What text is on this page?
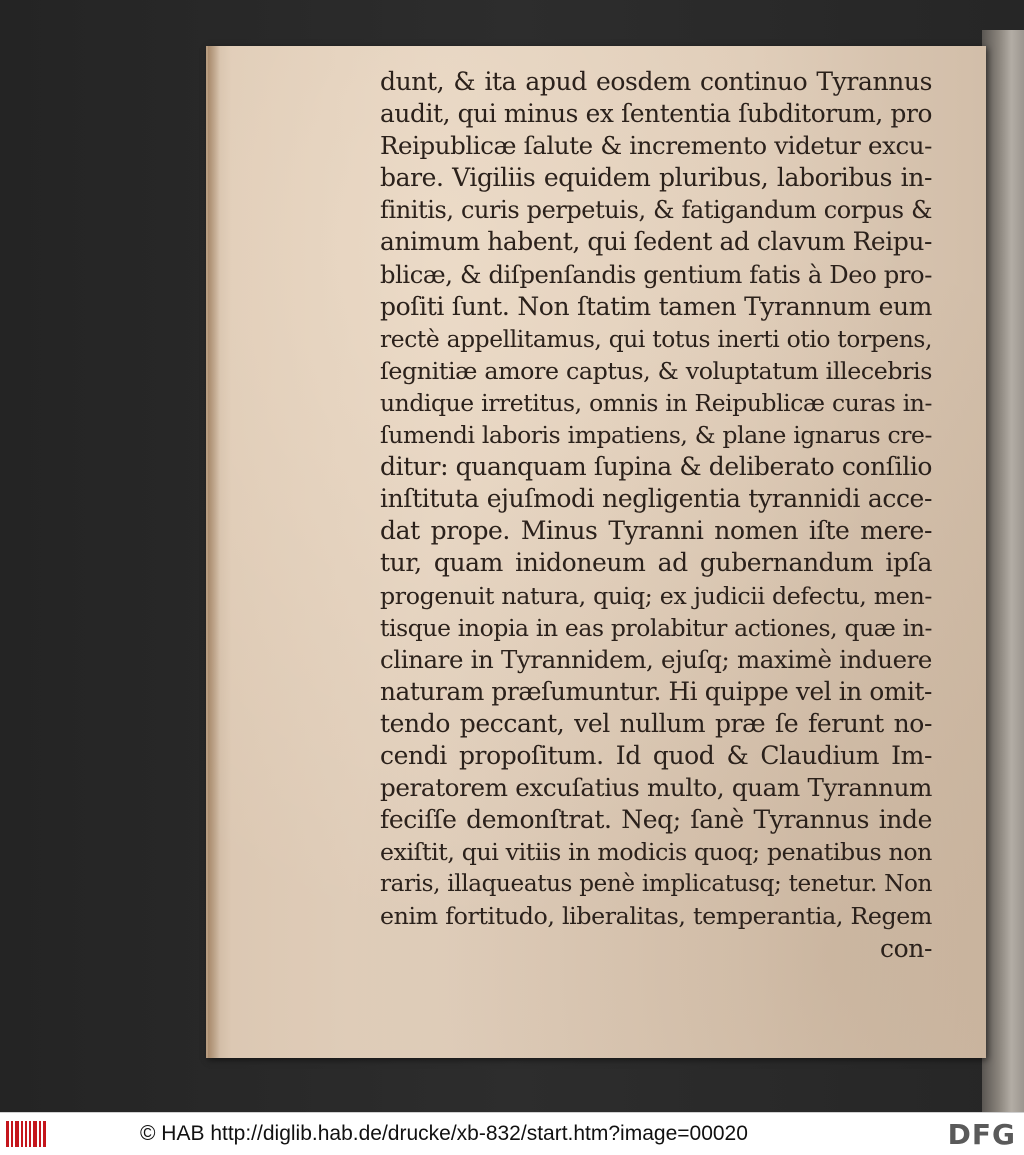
dunt, & ita apud eosdem continuo Tyrannus
audit, qui minus ex ſententia ſubditorum, pro
Reipublicæ ſalute & incremento videtur excu-
bare. Vigiliis equidem pluribus, laboribus in-
finitis, curis perpetuis, & fatigandum corpus &
animum habent, qui ſedent ad clavum Reipu-
blicæ, & diſpenſandis gentium fatis à Deo pro-
poſiti ſunt. Non ſtatim tamen Tyrannum eum
rectè appellitamus, qui totus inerti otio torpens,
ſegnitiæ amore captus, & voluptatum illecebris
undique irretitus, omnis in Reipublicæ curas in-
ſumendi laboris impatiens, & plane ignarus cre-
ditur: quanquam ſupina & deliberato conſilio
inſtituta ejuſmodi negligentia tyrannidi acce-
dat prope. Minus Tyranni nomen iſte mere-
tur, quam inidoneum ad gubernandum ipſa
progenuit natura, quiq; ex judicii defectu, men-
tisque inopia in eas prolabitur actiones, quæ in-
clinare in Tyrannidem, ejuſq; maximè induere
naturam præſumuntur. Hi quippe vel in omit-
tendo peccant, vel nullum præ ſe ferunt no-
cendi propoſitum. Id quod & Claudium Im-
peratorem excuſatius multo, quam Tyrannum
feciſſe demonſtrat. Neq; ſanè Tyrannus inde
exiſtit, qui vitiis in modicis quoq; penatibus non
raris, illaqueatus penè implicatusq; tenetur. Non
enim fortitudo, liberalitas, temperantia, Regem
con-
© HAB http://diglib.hab.de/drucke/xb-832/start.htm?image=00020	DFG
